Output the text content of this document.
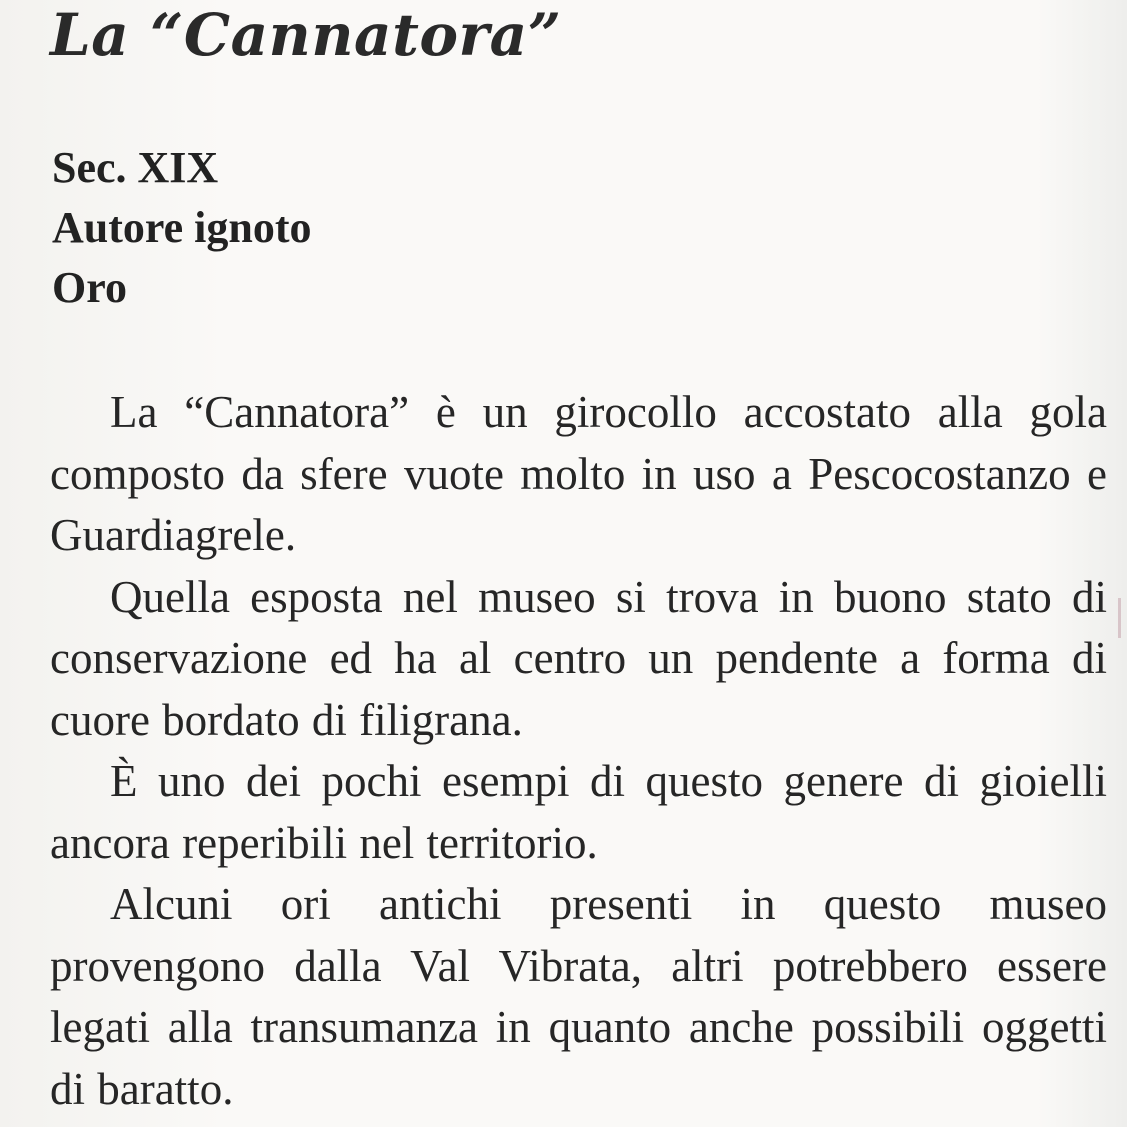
La “Cannatora”
Sec. XIX
Autore ignoto
Oro

La “Cannatora” è un girocollo accostato alla gola composto da sfere vuote molto in uso a Pescocostanzo e Guardiagrele.

Quella esposta nel museo si trova in buono stato di conservazione ed ha al centro un pendente a forma di cuore bordato di filigrana.

È uno dei pochi esempi di questo genere di gioielli ancora reperibili nel territorio.

Alcuni ori antichi presenti in questo museo provengono dalla Val Vibrata, altri potrebbero essere legati alla transumanza in quanto anche possibili oggetti di baratto.
